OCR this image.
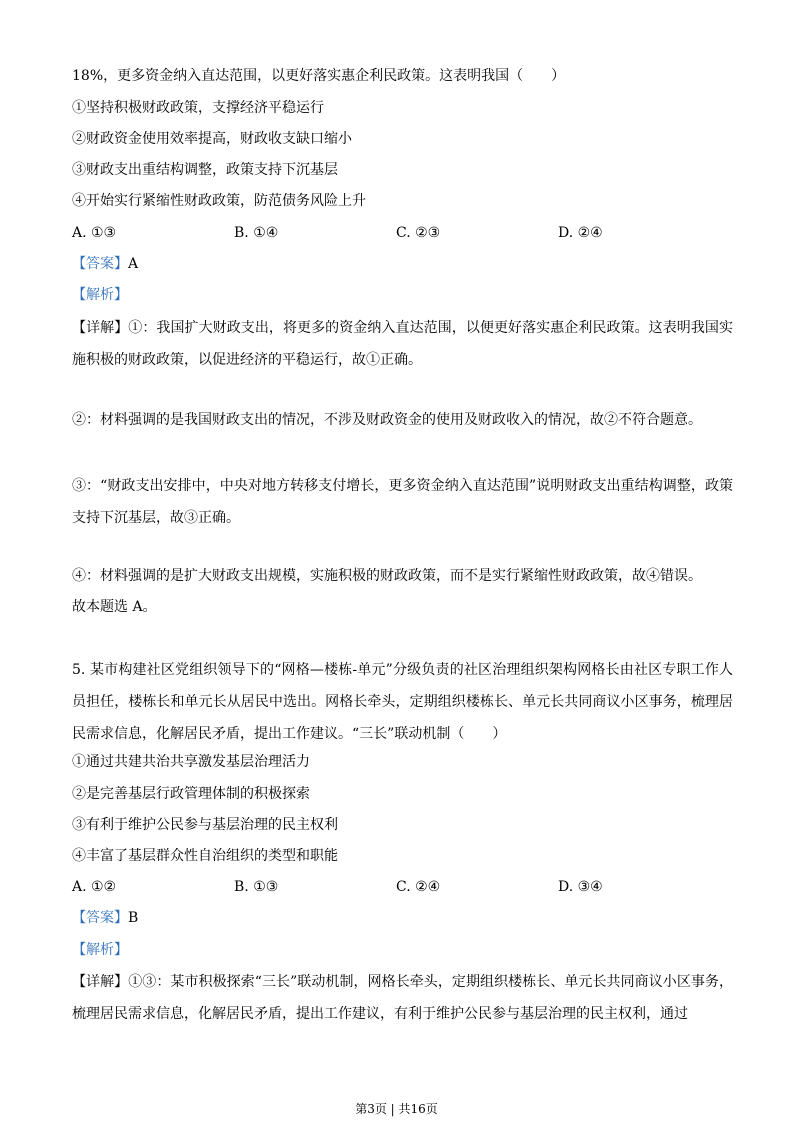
18%，更多资金纳入直达范围，以更好落实惠企利民政策。这表明我国（　　）
①坚持积极财政政策，支撑经济平稳运行
②财政资金使用效率提高，财政收支缺口缩小
③财政支出重结构调整，政策支持下沉基层
④开始实行紧缩性财政政策，防范债务风险上升
A. ①③	B. ①④	C. ②③	D. ②④
【答案】A
【解析】
【详解】①：我国扩大财政支出，将更多的资金纳入直达范围，以便更好落实惠企利民政策。这表明我国实施积极的财政政策，以促进经济的平稳运行，故①正确。
②：材料强调的是我国财政支出的情况，不涉及财政资金的使用及财政收入的情况，故②不符合题意。
③：“财政支出安排中，中央对地方转移支付增长，更多资金纳入直达范围”说明财政支出重结构调整，政策支持下沉基层，故③正确。
④：材料强调的是扩大财政支出规模，实施积极的财政政策，而不是实行紧缩性财政政策，故④错误。
故本题选 A。
5. 某市构建社区党组织领导下的“网格—楼栋-单元”分级负责的社区治理组织架构网格长由社区专职工作人员担任，楼栋长和单元长从居民中选出。网格长牵头，定期组织楼栋长、单元长共同商议小区事务，梳理居民需求信息，化解居民矛盾，提出工作建议。“三长”联动机制（　　）
①通过共建共治共享激发基层治理活力
②是完善基层行政管理体制的积极探索
③有利于维护公民参与基层治理的民主权利
④丰富了基层群众性自治组织的类型和职能
A. ①②	B. ①③	C. ②④	D. ③④
【答案】B
【解析】
【详解】①③：某市积极探索“三长”联动机制，网格长牵头，定期组织楼栋长、单元长共同商议小区事务，梳理居民需求信息，化解居民矛盾，提出工作建议，有利于维护公民参与基层治理的民主权利，通过
第3页 | 共16页
